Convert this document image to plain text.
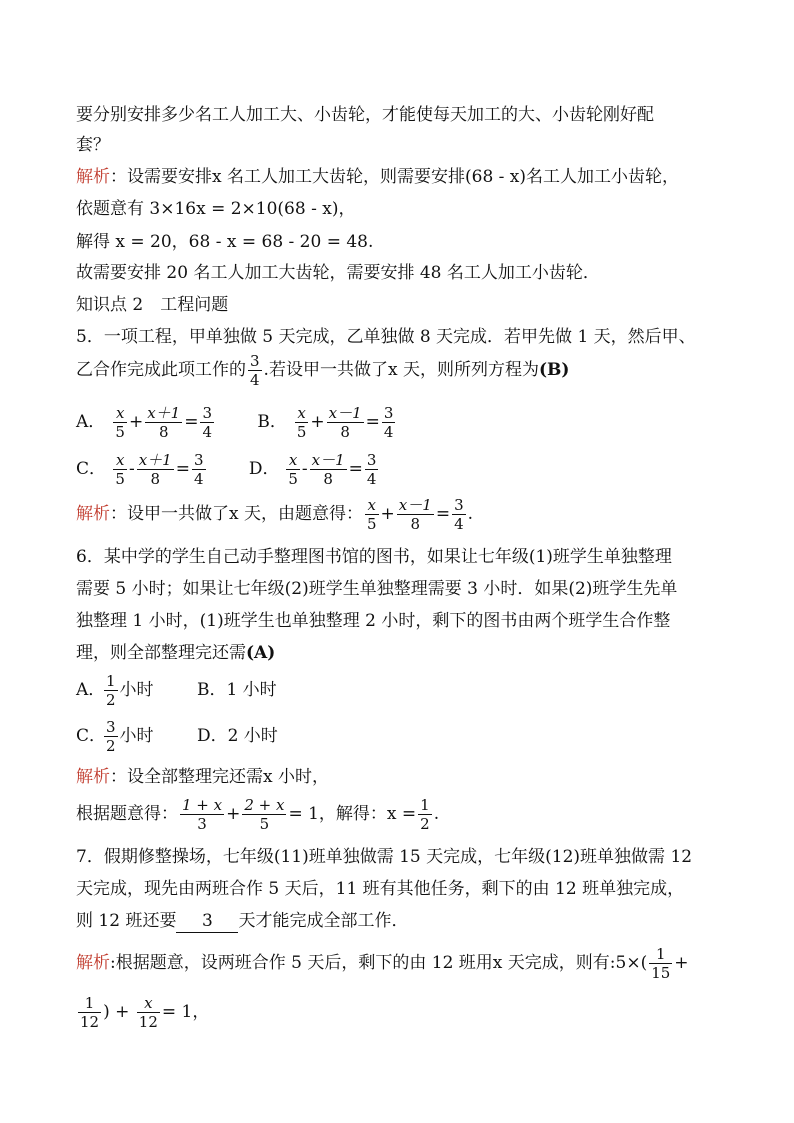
要分别安排多少名工人加工大、小齿轮，才能使每天加工的大、小齿轮刚好配
套？
解析：设需要安排x 名工人加工大齿轮，则需要安排(68 - x)名工人加工小齿轮，
依题意有 3×16x = 2×10(68 - x)，
解得 x = 20，68 - x = 68 - 20 = 48.
故需要安排 20 名工人加工大齿轮，需要安排 48 名工人加工小齿轮．
知识点 2　工程问题
5．一项工程，甲单独做 5 天完成，乙单独做 8 天完成．若甲先做 1 天，然后甲、
乙合作完成此项工作的 $\frac{3}{4}$ .若设甲一共做了x 天，则所列方程为(B)
A． $\frac{x}{5} + \frac{x+1}{8} = \frac{3}{4}$	B． $\frac{x}{5} + \frac{x-1}{8} = \frac{3}{4}$
C． $\frac{x}{5} - \frac{x+1}{8} = \frac{3}{4}$	D． $\frac{x}{5} - \frac{x-1}{8} = \frac{3}{4}$
解析：设甲一共做了x 天，由题意得： $\frac{x}{5} + \frac{x-1}{8} = \frac{3}{4}$ .
6．某中学的学生自己动手整理图书馆的图书，如果让七年级(1)班学生单独整理
需要 5 小时；如果让七年级(2)班学生单独整理需要 3 小时．如果(2)班学生先单
独整理 1 小时，(1)班学生也单独整理 2 小时，剩下的图书由两个班学生合作整
理，则全部整理完还需(A)
A．
$\frac{1}{2}$ 小时	B．1 小时
C．
$\frac{3}{2}$ 小时	D．2 小时
解析：设全部整理完还需x 小时，
根据题意得： $\frac{1 + x}{3} + \frac{2 + x}{5} = 1$，解得：$x = \frac{1}{2}$ .
7．假期修整操场，七年级(11)班单独做需 15 天完成，七年级(12)班单独做需 12
天完成，现先由两班合作 5 天后，11 班有其他任务，剩下的由 12 班单独完成，
则 12 班还要 3 天才能完成全部工作．
解析:根据题意，设两班合作 5 天后，剩下的由 12 班用x 天完成，则有:5×( $\frac{1}{15}$ +
$\frac{1}{12}$ ) + $\frac{x}{12} = 1$，
